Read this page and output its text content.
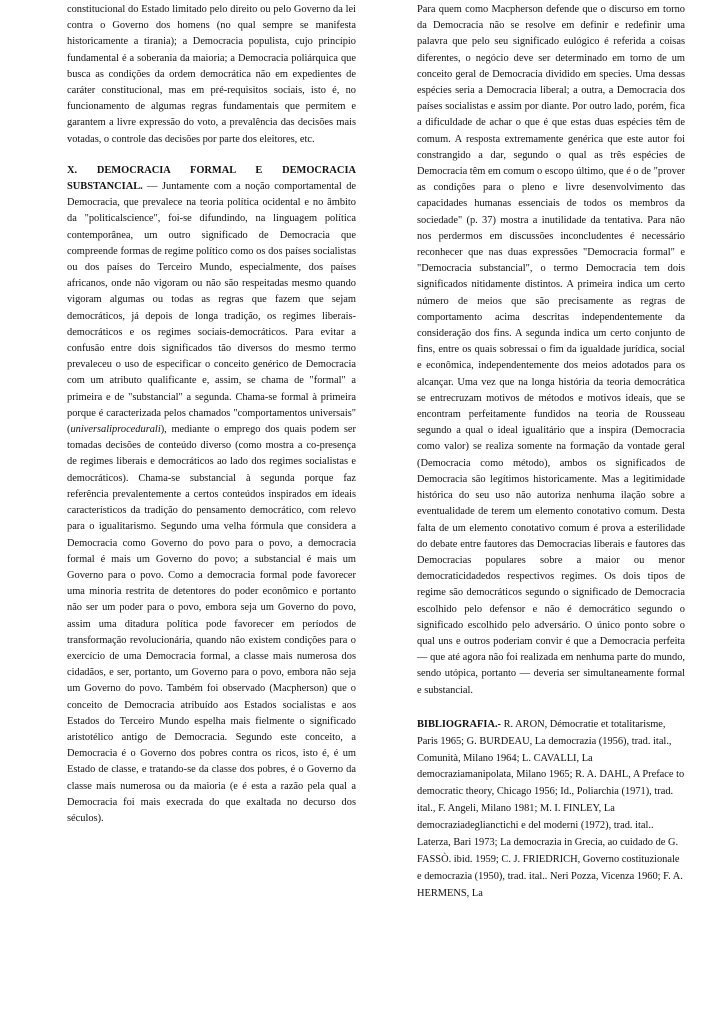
constitucional do Estado limitado pelo direito ou pelo Governo da lei contra o Governo dos homens (no qual sempre se manifesta historicamente a tirania); a Democracia populista, cujo princípio fundamental é a soberania da maioria; a Democracia poliárquica que busca as condições da ordem democrática não em expedientes de caráter constitucional, mas em pré-requisitos sociais, isto é, no funcionamento de algumas regras fundamentais que permitem e garantem a livre expressão do voto, a prevalência das decisões mais votadas, o controle das decisões por parte dos eleitores, etc.

X. DEMOCRACIA FORMAL E DEMOCRACIA SUBSTANCIAL. — Juntamente com a noção comportamental de Democracia, que prevalece na teoria política ocidental e no âmbito da "politicalscience", foi-se difundindo, na linguagem política contemporânea, um outro significado de Democracia que compreende formas de regime político como os dos países socialistas ou dos países do Terceiro Mundo, especialmente, dos países africanos, onde não vigoram ou não são respeitadas mesmo quando vigoram algumas ou todas as regras que fazem que sejam democráticos, já depois de longa tradição, os regimes liberais-democráticos e os regimes sociais-democráticos. Para evitar a confusão entre dois significados tão diversos do mesmo termo prevaleceu o uso de especificar o conceito genérico de Democracia com um atributo qualificante e, assim, se chama de "formal" a primeira e de "substancial" a segunda. Chama-se formal à primeira porque é caracterizada pelos chamados "comportamentos universais" (universaliprocedurali), mediante o emprego dos quais podem ser tomadas decisões de conteúdo diverso (como mostra a co-presença de regimes liberais e democráticos ao lado dos regimes socialistas e democráticos). Chama-se substancial à segunda porque faz referência prevalentemente a certos conteúdos inspirados em ideais característicos da tradição do pensamento democrático, com relevo para o igualitarismo. Segundo uma velha fórmula que considera a Democracia como Governo do povo para o povo, a democracia formal é mais um Governo do povo; a substancial é mais um Governo para o povo. Como a democracia formal pode favorecer uma minoria restrita de detentores do poder econômico e portanto não ser um poder para o povo, embora seja um Governo do povo, assim uma ditadura política pode favorecer em períodos de transformação revolucionária, quando não existem condições para o exercício de uma Democracia formal, a classe mais numerosa dos cidadãos, e ser, portanto, um Governo para o povo, embora não seja um Governo do povo. Também foi observado (Macpherson) que o conceito de Democracia atribuído aos Estados socialistas e aos Estados do Terceiro Mundo espelha mais fielmente o significado aristotélico antigo de Democracia. Segundo este conceito, a Democracia é o Governo dos pobres contra os ricos, isto é, é um Estado de classe, e tratando-se da classe dos pobres, é o Governo da classe mais numerosa ou da maioria (e é esta a razão pela qual a Democracia foi mais execrada do que exaltada no decurso dos séculos).

Para quem como Macpherson defende que o discurso em torno da Democracia não se resolve em definir e redefinir uma palavra que pelo seu significado eulógico é referida a coisas diferentes, o negócio deve ser determinado em torno de um conceito geral de Democracia dividido em species. Uma dessas espécies seria a Democracia liberal; a outra, a Democracia dos países socialistas e assim por diante. Por outro lado, porém, fica a dificuldade de achar o que é que estas duas espécies têm de comum. A resposta extremamente genérica que este autor foi constrangido a dar, segundo o qual as três espécies de Democracia têm em comum o escopo último, que é o de "prover as condições para o pleno e livre desenvolvimento das capacidades humanas essenciais de todos os membros da sociedade" (p. 37) mostra a inutilidade da tentativa. Para não nos perdermos em discussões inconcludentes é necessário reconhecer que nas duas expressões "Democracia formal" e "Democracia substancial", o termo Democracia tem dois significados nitidamente distintos. A primeira indica um certo número de meios que são precisamente as regras de comportamento acima descritas independentemente da consideração dos fins. A segunda indica um certo conjunto de fins, entre os quais sobressai o fim da igualdade jurídica, social e econômica, independentemente dos meios adotados para os alcançar. Uma vez que na longa história da teoria democrática se entrecruzam motivos de métodos e motivos ideais, que se encontram perfeitamente fundidos na teoria de Rousseau segundo a qual o ideal igualitário que a inspira (Democracia como valor) se realiza somente na formação da vontade geral (Democracia como método), ambos os significados de Democracia são legítimos historicamente. Mas a legitimidade histórica do seu uso não autoriza nenhuma ilação sobre a eventualidade de terem um elemento conotativo comum. Desta falta de um elemento conotativo comum é prova a esterilidade do debate entre fautores das Democracias liberais e fautores das Democracias populares sobre a maior ou menor democraticidadedos respectivos regimes. Os dois tipos de regime são democráticos segundo o significado de Democracia escolhido pelo defensor e não é democrático segundo o significado escolhido pelo adversário. O único ponto sobre o qual uns e outros poderiam convir é que a Democracia perfeita — que até agora não foi realizada em nenhuma parte do mundo, sendo utópica, portanto — deveria ser simultaneamente formal e substancial.

BIBLIOGRAFIA.- R. ARON, Démocratie et totalitarisme, Paris 1965; G. BURDEAU, La democrazia (1956), trad. ital., Comunità, Milano 1964; L. CAVALLI, La democraziamanipolata, Milano 1965; R. A. DAHL, A Preface to democratic theory, Chicago 1956; Id., Poliarchia (1971), trad. ital., F. Angeli, Milano 1981; M. I. FINLEY, La democraziadeglianctichi e del moderni (1972), trad. ital.. Laterza, Bari 1973; La democrazia in Grecia, ao cuidado de G. FASSÒ. ibid. 1959; C. J. FRIEDRICH, Governo costituzionale e democrazia (1950), trad. ital.. Neri Pozza, Vicenza 1960; F. A. HERMENS, La
